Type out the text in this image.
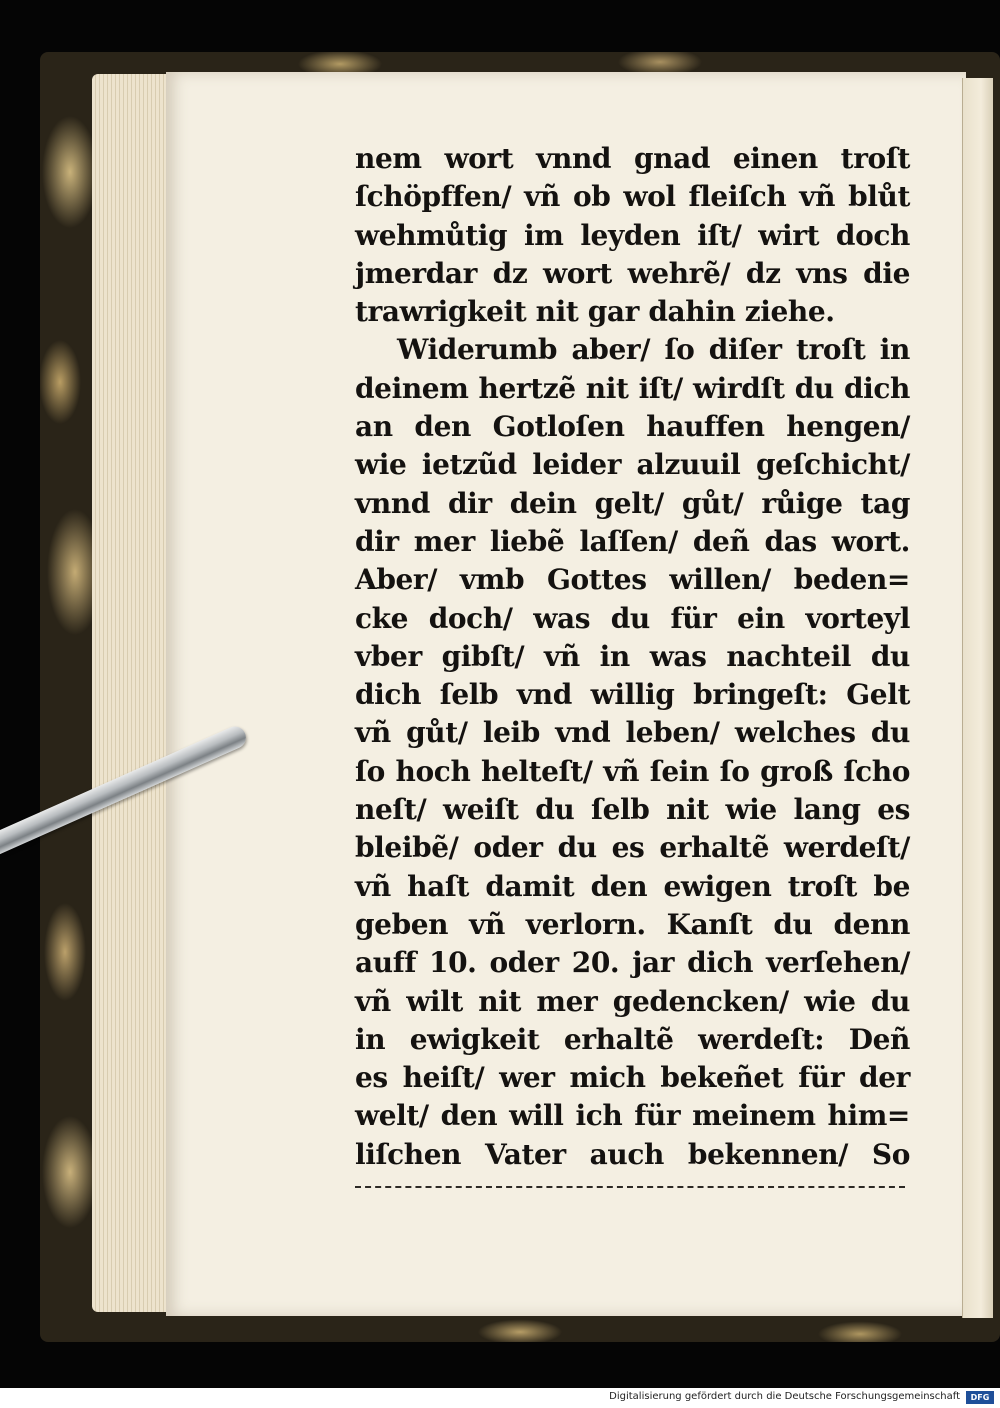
nem wort vnnd gnad einen troſt
ſchöpffen/ vñ ob wol fleiſch vñ blůt
wehmůtig im leyden iſt/ wirt doch
jmerdar dz wort wehrẽ/ dz vns die
trawrigkeit nit gar dahin ziehe.
Widerumb aber/ ſo diſer troſt in
deinem hertzẽ nit iſt/ wirdſt du dich
an den Gotloſen hauffen hengen/
wie ietzũd leider alzuuil geſchicht/
vnnd dir dein gelt/ gůt/ růige tag
dir mer liebẽ laſſen/ deñ das wort.
Aber/ vmb Gottes willen/ beden=
cke doch/ was du für ein vorteyl
vber gibſt/ vñ in was nachteil du
dich ſelb vnd willig bringeſt: Gelt
vñ gůt/ leib vnd leben/ welches du
ſo hoch helteſt/ vñ ſein ſo groß ſcho
neſt/ weiſt du ſelb nit wie lang es
bleibẽ/ oder du es erhaltẽ werdeſt/
vñ haſt damit den ewigen troſt be
geben vñ verlorn. Kanſt du denn
auff 10. oder 20. jar dich verſehen/
vñ wilt nit mer gedencken/ wie du
in ewigkeit erhaltẽ werdeſt: Deñ
es heiſt/ wer mich bekeñet für der
welt/ den will ich für meinem him=
liſchen Vater auch bekennen/ So
Digitalisierung gefördert durch die Deutsche Forschungsgemeinschaft	DFG
